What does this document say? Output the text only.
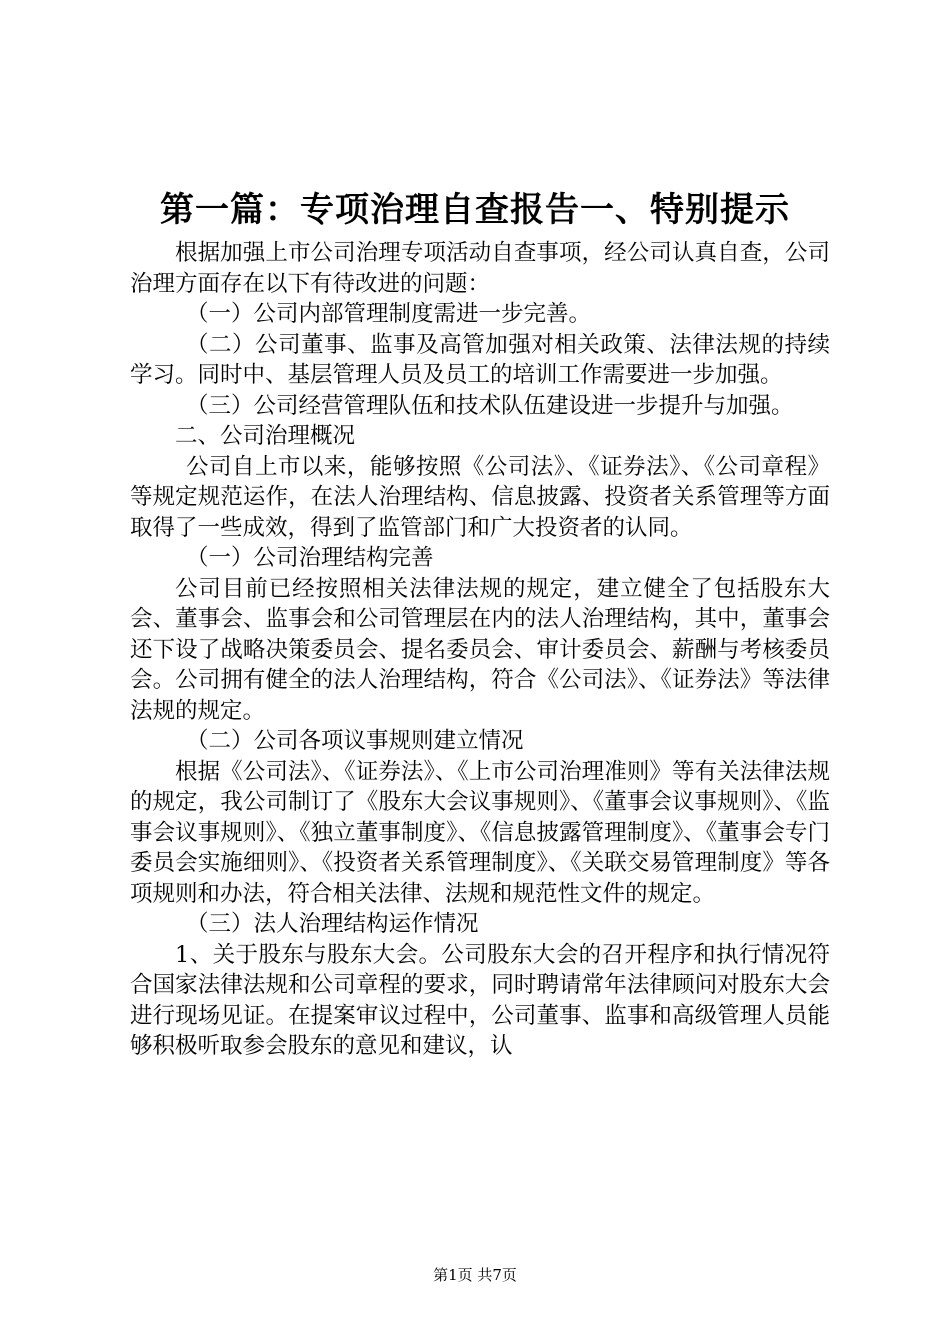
第一篇：专项治理自查报告一、特别提示

根据加强上市公司治理专项活动自查事项，经公司认真自查，公司治理方面存在以下有待改进的问题：

（一）公司内部管理制度需进一步完善。

（二）公司董事、监事及高管加强对相关政策、法律法规的持续学习。同时中、基层管理人员及员工的培训工作需要进一步加强。

（三）公司经营管理队伍和技术队伍建设进一步提升与加强。

二、公司治理概况

公司自上市以来，能够按照《公司法》、《证券法》、《公司章程》等规定规范运作，在法人治理结构、信息披露、投资者关系管理等方面取得了一些成效，得到了监管部门和广大投资者的认同。

（一）公司治理结构完善

公司目前已经按照相关法律法规的规定，建立健全了包括股东大会、董事会、监事会和公司管理层在内的法人治理结构，其中，董事会还下设了战略决策委员会、提名委员会、审计委员会、薪酬与考核委员会。公司拥有健全的法人治理结构，符合《公司法》、《证券法》等法律法规的规定。

（二）公司各项议事规则建立情况

根据《公司法》、《证券法》、《上市公司治理准则》等有关法律法规的规定，我公司制订了《股东大会议事规则》、《董事会议事规则》、《监事会议事规则》、《独立董事制度》、《信息披露管理制度》、《董事会专门委员会实施细则》、《投资者关系管理制度》、《关联交易管理制度》等各项规则和办法，符合相关法律、法规和规范性文件的规定。

（三）法人治理结构运作情况

1、关于股东与股东大会。公司股东大会的召开程序和执行情况符合国家法律法规和公司章程的要求，同时聘请常年法律顾问对股东大会进行现场见证。在提案审议过程中，公司董事、监事和高级管理人员能够积极听取参会股东的意见和建议，认

第1页 共7页
